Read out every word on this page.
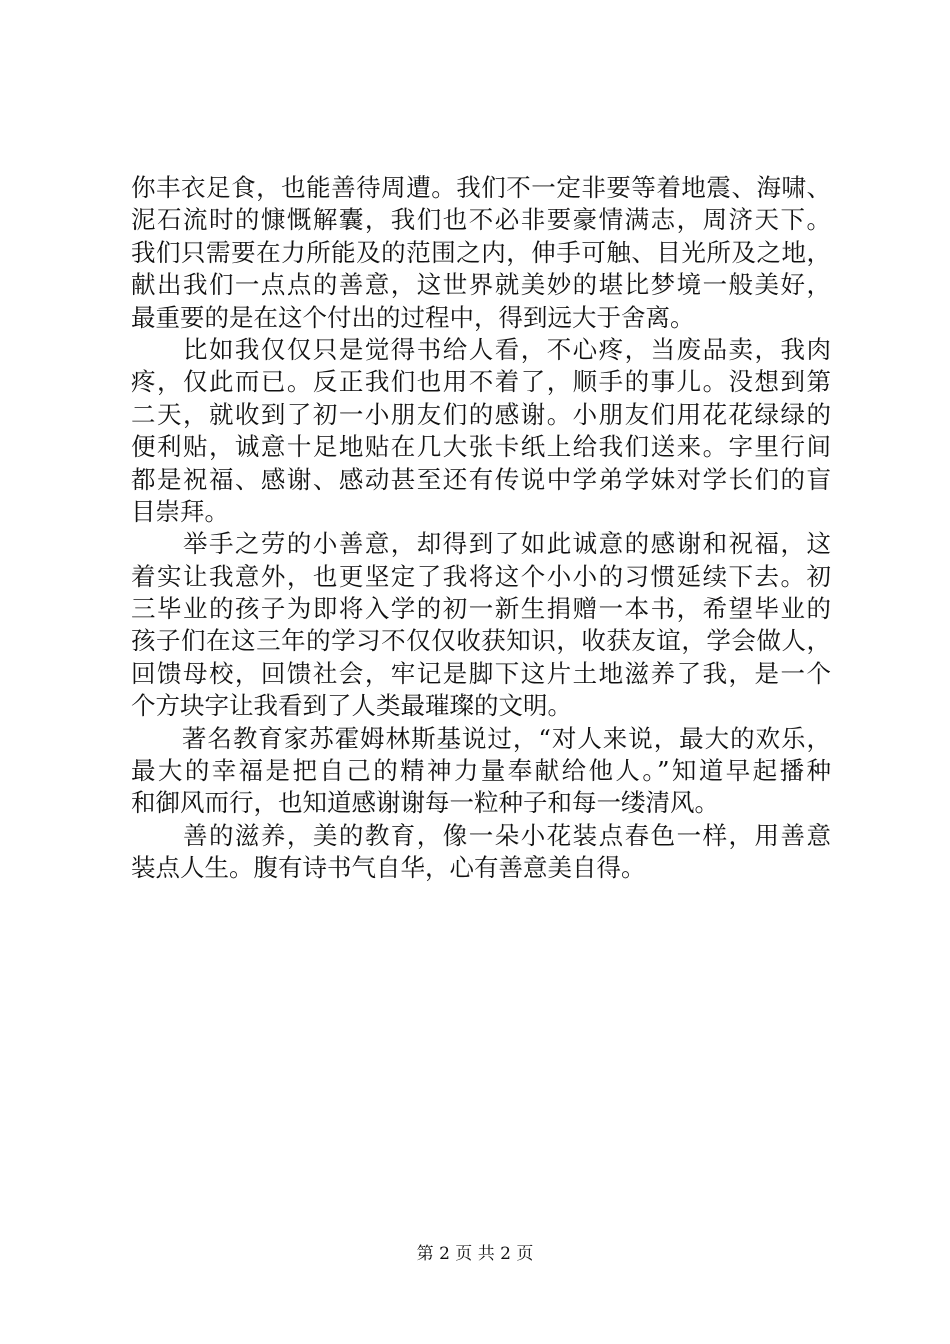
你丰衣足食，也能善待周遭。我们不一定非要等着地震、海啸、
泥石流时的慷慨解囊，我们也不必非要豪情满志，周济天下。
我们只需要在力所能及的范围之内，伸手可触、目光所及之地，
献出我们一点点的善意，这世界就美妙的堪比梦境一般美好，
最重要的是在这个付出的过程中，得到远大于舍离。
　　比如我仅仅只是觉得书给人看，不心疼，当废品卖，我肉
疼，仅此而已。反正我们也用不着了，顺手的事儿。没想到第
二天，就收到了初一小朋友们的感谢。小朋友们用花花绿绿的
便利贴，诚意十足地贴在几大张卡纸上给我们送来。字里行间
都是祝福、感谢、感动甚至还有传说中学弟学妹对学长们的盲
目崇拜。
　　举手之劳的小善意，却得到了如此诚意的感谢和祝福，这
着实让我意外，也更坚定了我将这个小小的习惯延续下去。初
三毕业的孩子为即将入学的初一新生捐赠一本书，希望毕业的
孩子们在这三年的学习不仅仅收获知识，收获友谊，学会做人，
回馈母校，回馈社会，牢记是脚下这片土地滋养了我，是一个
个方块字让我看到了人类最璀璨的文明。
　　著名教育家苏霍姆林斯基说过，“对人来说，最大的欢乐，
最大的幸福是把自己的精神力量奉献给他人。”知道早起播种
和御风而行，也知道感谢谢每一粒种子和每一缕清风。
　　善的滋养，美的教育，像一朵小花装点春色一样，用善意
装点人生。腹有诗书气自华，心有善意美自得。
第 2 页 共 2 页
